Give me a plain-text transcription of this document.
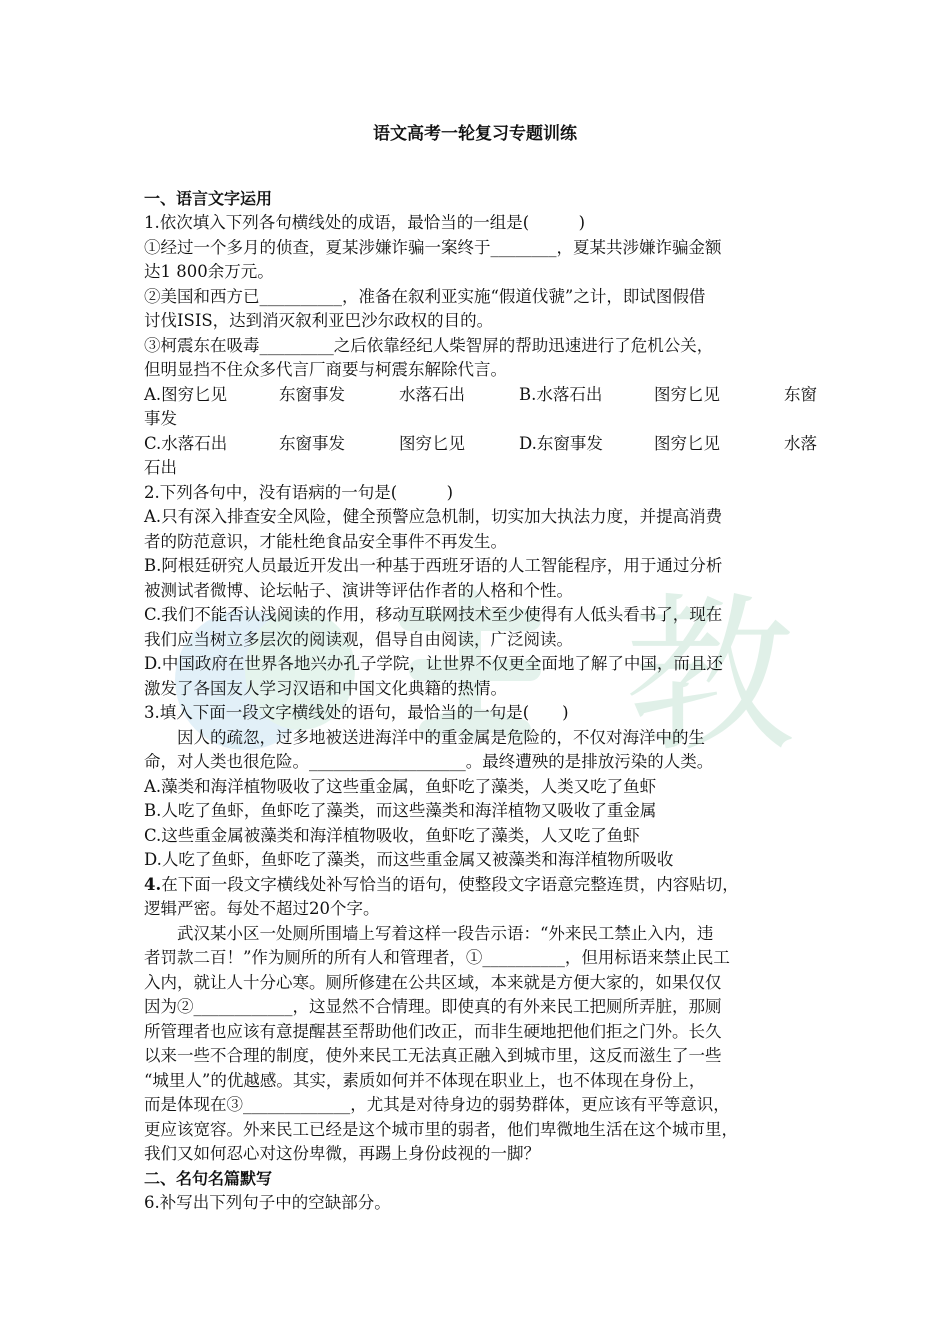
教

语文高考一轮复习专题训练

一、语言文字运用

1.依次填入下列各句横线处的成语，最恰当的一组是(　　　)

①经过一个多月的侦查，夏某涉嫌诈骗一案终于________，夏某共涉嫌诈骗金额

达1 800余万元。

②美国和西方已__________，准备在叙利亚实施“假道伐虢”之计，即试图假借

讨伐ISIS，达到消灭叙利亚巴沙尔政权的目的。

③柯震东在吸毒_________之后依靠经纪人柴智屏的帮助迅速进行了危机公关，

但明显挡不住众多代言厂商要与柯震东解除代言。

A.图穷匕见	东窗事发	水落石出	B.水落石出	图穷匕见	东窗

事发

C.水落石出	东窗事发	图穷匕见	D.东窗事发	图穷匕见	水落

石出

2.下列各句中，没有语病的一句是(　　　)

A.只有深入排查安全风险，健全预警应急机制，切实加大执法力度，并提高消费

者的防范意识，才能杜绝食品安全事件不再发生。

B.阿根廷研究人员最近开发出一种基于西班牙语的人工智能程序，用于通过分析

被测试者微博、论坛帖子、演讲等评估作者的人格和个性。

C.我们不能否认浅阅读的作用，移动互联网技术至少使得有人低头看书了，现在

我们应当树立多层次的阅读观，倡导自由阅读，广泛阅读。

D.中国政府在世界各地兴办孔子学院，让世界不仅更全面地了解了中国，而且还

激发了各国友人学习汉语和中国文化典籍的热情。

3.填入下面一段文字横线处的语句，最恰当的一句是(　　)

因人的疏忽，过多地被送进海洋中的重金属是危险的，不仅对海洋中的生

命，对人类也很危险。___________________。最终遭殃的是排放污染的人类。

A.藻类和海洋植物吸收了这些重金属，鱼虾吃了藻类，人类又吃了鱼虾

B.人吃了鱼虾，鱼虾吃了藻类，而这些藻类和海洋植物又吸收了重金属

C.这些重金属被藻类和海洋植物吸收，鱼虾吃了藻类，人又吃了鱼虾

D.人吃了鱼虾，鱼虾吃了藻类，而这些重金属又被藻类和海洋植物所吸收

4.在下面一段文字横线处补写恰当的语句，使整段文字语意完整连贯，内容贴切，

逻辑严密。每处不超过20个字。

武汉某小区一处厕所围墙上写着这样一段告示语：“外来民工禁止入内，违

者罚款二百！”作为厕所的所有人和管理者，①__________，但用标语来禁止民工

入内，就让人十分心寒。厕所修建在公共区域，本来就是方便大家的，如果仅仅

因为②____________，这显然不合情理。即使真的有外来民工把厕所弄脏，那厕

所管理者也应该有意提醒甚至帮助他们改正，而非生硬地把他们拒之门外。长久

以来一些不合理的制度，使外来民工无法真正融入到城市里，这反而滋生了一些

“城里人”的优越感。其实，素质如何并不体现在职业上，也不体现在身份上，

而是体现在③_____________，尤其是对待身边的弱势群体，更应该有平等意识，

更应该宽容。外来民工已经是这个城市里的弱者，他们卑微地生活在这个城市里，

我们又如何忍心对这份卑微，再踢上身份歧视的一脚？

二、名句名篇默写

6.补写出下列句子中的空缺部分。
